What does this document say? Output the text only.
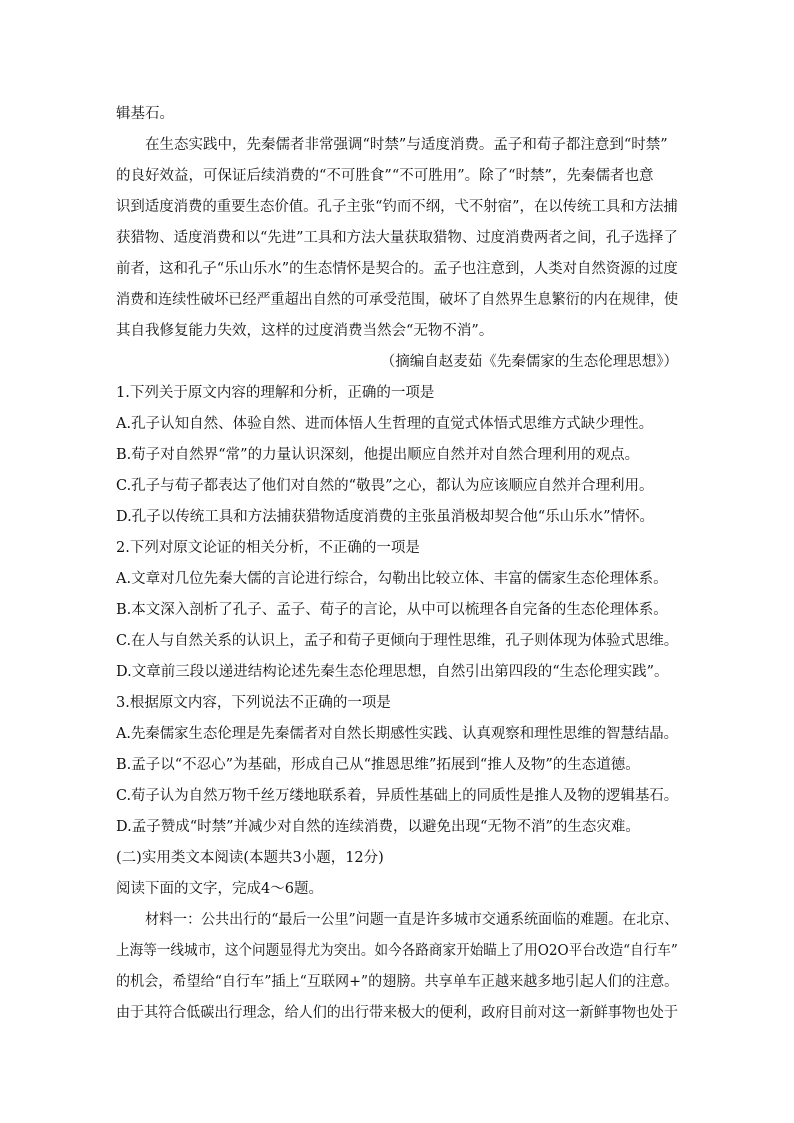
辑基石。
在生态实践中，先秦儒者非常强调“时禁”与适度消费。孟子和荀子都注意到“时禁”
的良好效益，可保证后续消费的“不可胜食”“不可胜用”。除了“时禁”，先秦儒者也意
识到适度消费的重要生态价值。孔子主张“钓而不纲，弋不射宿”，在以传统工具和方法捕
获猎物、适度消费和以“先进”工具和方法大量获取猎物、过度消费两者之间，孔子选择了
前者，这和孔子“乐山乐水”的生态情怀是契合的。孟子也注意到，人类对自然资源的过度
消费和连续性破坏已经严重超出自然的可承受范围，破坏了自然界生息繁衍的内在规律，使
其自我修复能力失效，这样的过度消费当然会“无物不消”。
（摘编自赵麦茹《先秦儒家的生态伦理思想》）
1.下列关于原文内容的理解和分析，正确的一项是
A.孔子认知自然、体验自然、进而体悟人生哲理的直觉式体悟式思维方式缺少理性。
B.荀子对自然界“常”的力量认识深刻，他提出顺应自然并对自然合理利用的观点。
C.孔子与荀子都表达了他们对自然的“敬畏”之心，都认为应该顺应自然并合理利用。
D.孔子以传统工具和方法捕获猎物适度消费的主张虽消极却契合他“乐山乐水”情怀。
2.下列对原文论证的相关分析，不正确的一项是
A.文章对几位先秦大儒的言论进行综合，勾勒出比较立体、丰富的儒家生态伦理体系。
B.本文深入剖析了孔子、孟子、荀子的言论，从中可以梳理各自完备的生态伦理体系。
C.在人与自然关系的认识上，孟子和荀子更倾向于理性思维，孔子则体现为体验式思维。
D.文章前三段以递进结构论述先秦生态伦理思想，自然引出第四段的“生态伦理实践”。
3.根据原文内容，下列说法不正确的一项是
A.先秦儒家生态伦理是先秦儒者对自然长期感性实践、认真观察和理性思维的智慧结晶。
B.孟子以“不忍心”为基础，形成自己从“推恩思维”拓展到“推人及物”的生态道德。
C.荀子认为自然万物千丝万缕地联系着，异质性基础上的同质性是推人及物的逻辑基石。
D.孟子赞成“时禁”并减少对自然的连续消费，以避免出现“无物不消”的生态灾难。
(二)实用类文本阅读(本题共3小题，12分)
阅读下面的文字，完成4～6题。
材料一：公共出行的“最后一公里”问题一直是许多城市交通系统面临的难题。在北京、
上海等一线城市，这个问题显得尤为突出。如今各路商家开始瞄上了用O2O平台改造“自行车”
的机会，希望给“自行车”插上“互联网+”的翅膀。共享单车正越来越多地引起人们的注意。
由于其符合低碳出行理念，给人们的出行带来极大的便利，政府目前对这一新鲜事物也处于
